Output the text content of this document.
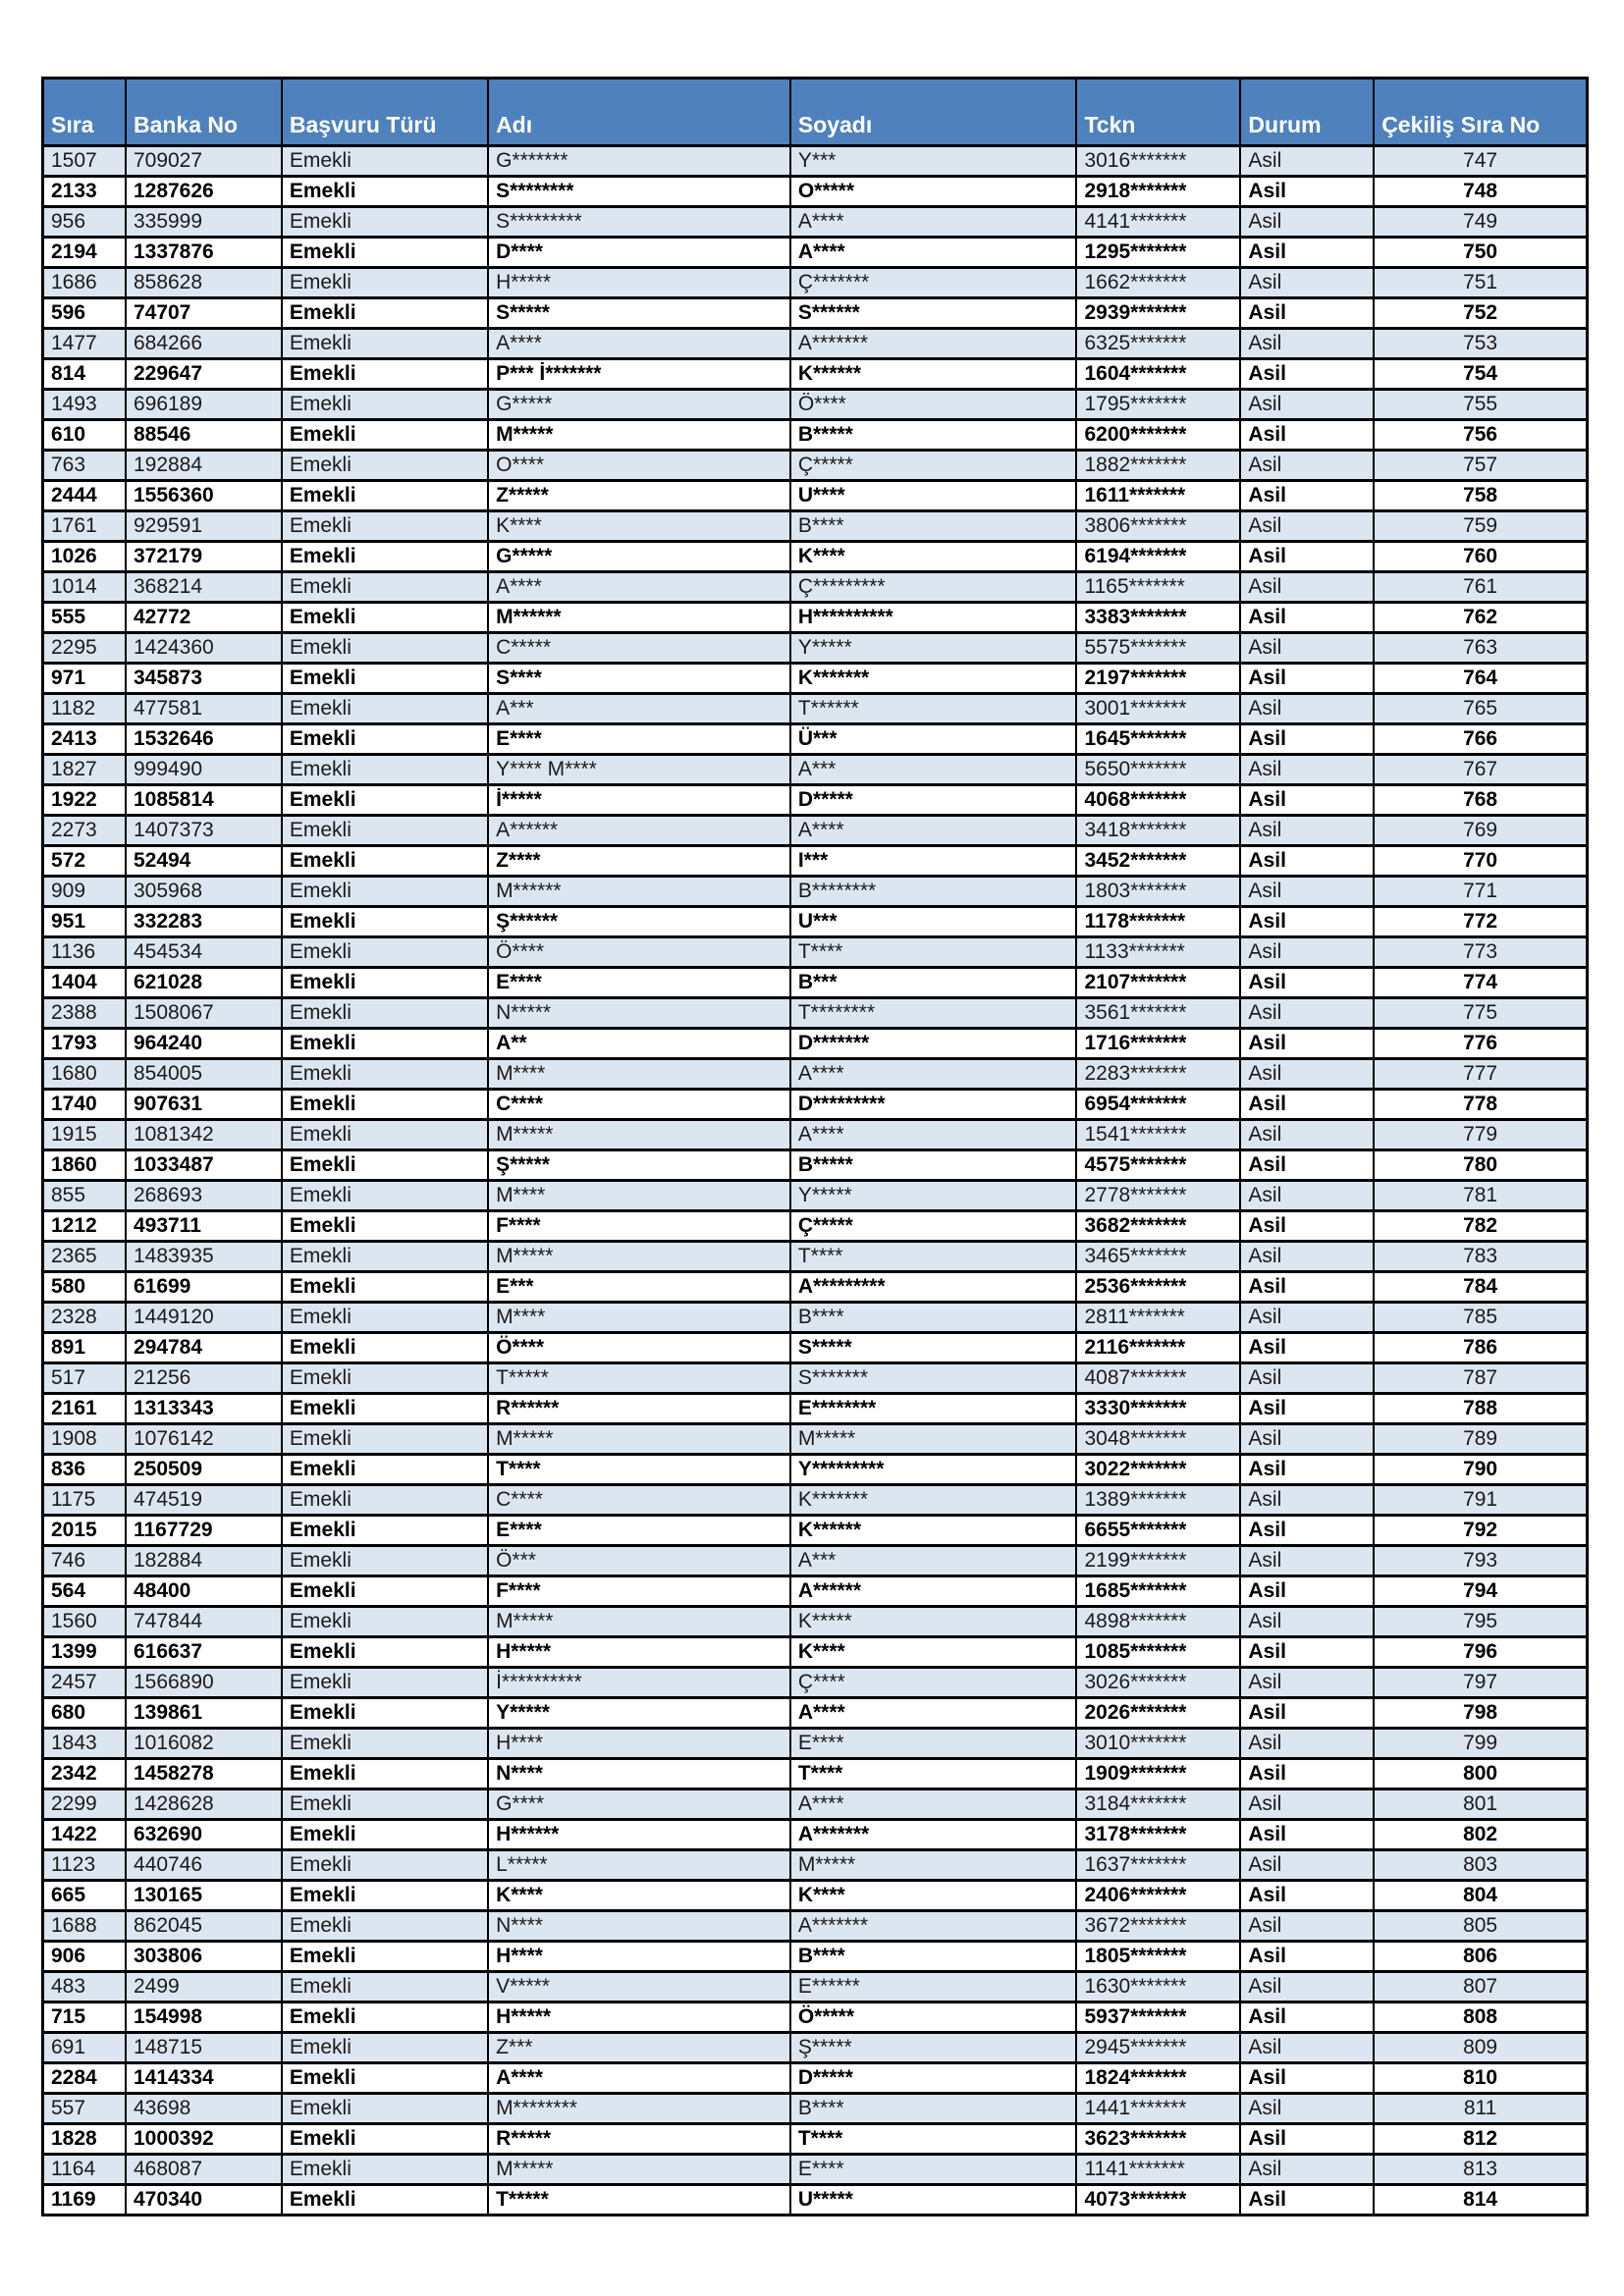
Sıra	Banka No	Başvuru Türü	Adı	Soyadı	Tckn	Durum	Çekiliş Sıra No
1507	709027	Emekli	G*******	Y***	3016*******	Asil	747
2133	1287626	Emekli	S********	O*****	2918*******	Asil	748
956	335999	Emekli	S*********	A****	4141*******	Asil	749
2194	1337876	Emekli	D****	A****	1295*******	Asil	750
1686	858628	Emekli	H*****	Ç*******	1662*******	Asil	751
596	74707	Emekli	S*****	S******	2939*******	Asil	752
1477	684266	Emekli	A****	A*******	6325*******	Asil	753
814	229647	Emekli	P*** İ*******	K******	1604*******	Asil	754
1493	696189	Emekli	G*****	Ö****	1795*******	Asil	755
610	88546	Emekli	M*****	B*****	6200*******	Asil	756
763	192884	Emekli	O****	Ç*****	1882*******	Asil	757
2444	1556360	Emekli	Z*****	U****	1611*******	Asil	758
1761	929591	Emekli	K****	B****	3806*******	Asil	759
1026	372179	Emekli	G*****	K****	6194*******	Asil	760
1014	368214	Emekli	A****	Ç*********	1165*******	Asil	761
555	42772	Emekli	M******	H**********	3383*******	Asil	762
2295	1424360	Emekli	C*****	Y*****	5575*******	Asil	763
971	345873	Emekli	S****	K*******	2197*******	Asil	764
1182	477581	Emekli	A***	T******	3001*******	Asil	765
2413	1532646	Emekli	E****	Ü***	1645*******	Asil	766
1827	999490	Emekli	Y**** M****	A***	5650*******	Asil	767
1922	1085814	Emekli	İ*****	D*****	4068*******	Asil	768
2273	1407373	Emekli	A******	A****	3418*******	Asil	769
572	52494	Emekli	Z****	I***	3452*******	Asil	770
909	305968	Emekli	M******	B********	1803*******	Asil	771
951	332283	Emekli	Ş******	U***	1178*******	Asil	772
1136	454534	Emekli	Ö****	T****	1133*******	Asil	773
1404	621028	Emekli	E****	B***	2107*******	Asil	774
2388	1508067	Emekli	N*****	T********	3561*******	Asil	775
1793	964240	Emekli	A**	D*******	1716*******	Asil	776
1680	854005	Emekli	M****	A****	2283*******	Asil	777
1740	907631	Emekli	C****	D*********	6954*******	Asil	778
1915	1081342	Emekli	M*****	A****	1541*******	Asil	779
1860	1033487	Emekli	Ş*****	B*****	4575*******	Asil	780
855	268693	Emekli	M****	Y*****	2778*******	Asil	781
1212	493711	Emekli	F****	Ç*****	3682*******	Asil	782
2365	1483935	Emekli	M*****	T****	3465*******	Asil	783
580	61699	Emekli	E***	A*********	2536*******	Asil	784
2328	1449120	Emekli	M****	B****	2811*******	Asil	785
891	294784	Emekli	Ö****	S*****	2116*******	Asil	786
517	21256	Emekli	T*****	S*******	4087*******	Asil	787
2161	1313343	Emekli	R******	E********	3330*******	Asil	788
1908	1076142	Emekli	M*****	M*****	3048*******	Asil	789
836	250509	Emekli	T****	Y*********	3022*******	Asil	790
1175	474519	Emekli	C****	K*******	1389*******	Asil	791
2015	1167729	Emekli	E****	K******	6655*******	Asil	792
746	182884	Emekli	Ö***	A***	2199*******	Asil	793
564	48400	Emekli	F****	A******	1685*******	Asil	794
1560	747844	Emekli	M*****	K*****	4898*******	Asil	795
1399	616637	Emekli	H*****	K****	1085*******	Asil	796
2457	1566890	Emekli	İ**********	Ç****	3026*******	Asil	797
680	139861	Emekli	Y*****	A****	2026*******	Asil	798
1843	1016082	Emekli	H****	E****	3010*******	Asil	799
2342	1458278	Emekli	N****	T****	1909*******	Asil	800
2299	1428628	Emekli	G****	A****	3184*******	Asil	801
1422	632690	Emekli	H******	A*******	3178*******	Asil	802
1123	440746	Emekli	L*****	M*****	1637*******	Asil	803
665	130165	Emekli	K****	K****	2406*******	Asil	804
1688	862045	Emekli	N****	A*******	3672*******	Asil	805
906	303806	Emekli	H****	B****	1805*******	Asil	806
483	2499	Emekli	V*****	E******	1630*******	Asil	807
715	154998	Emekli	H*****	Ö*****	5937*******	Asil	808
691	148715	Emekli	Z***	Ş*****	2945*******	Asil	809
2284	1414334	Emekli	A****	D*****	1824*******	Asil	810
557	43698	Emekli	M********	B****	1441*******	Asil	811
1828	1000392	Emekli	R*****	T****	3623*******	Asil	812
1164	468087	Emekli	M*****	E****	1141*******	Asil	813
1169	470340	Emekli	T*****	U*****	4073*******	Asil	814
